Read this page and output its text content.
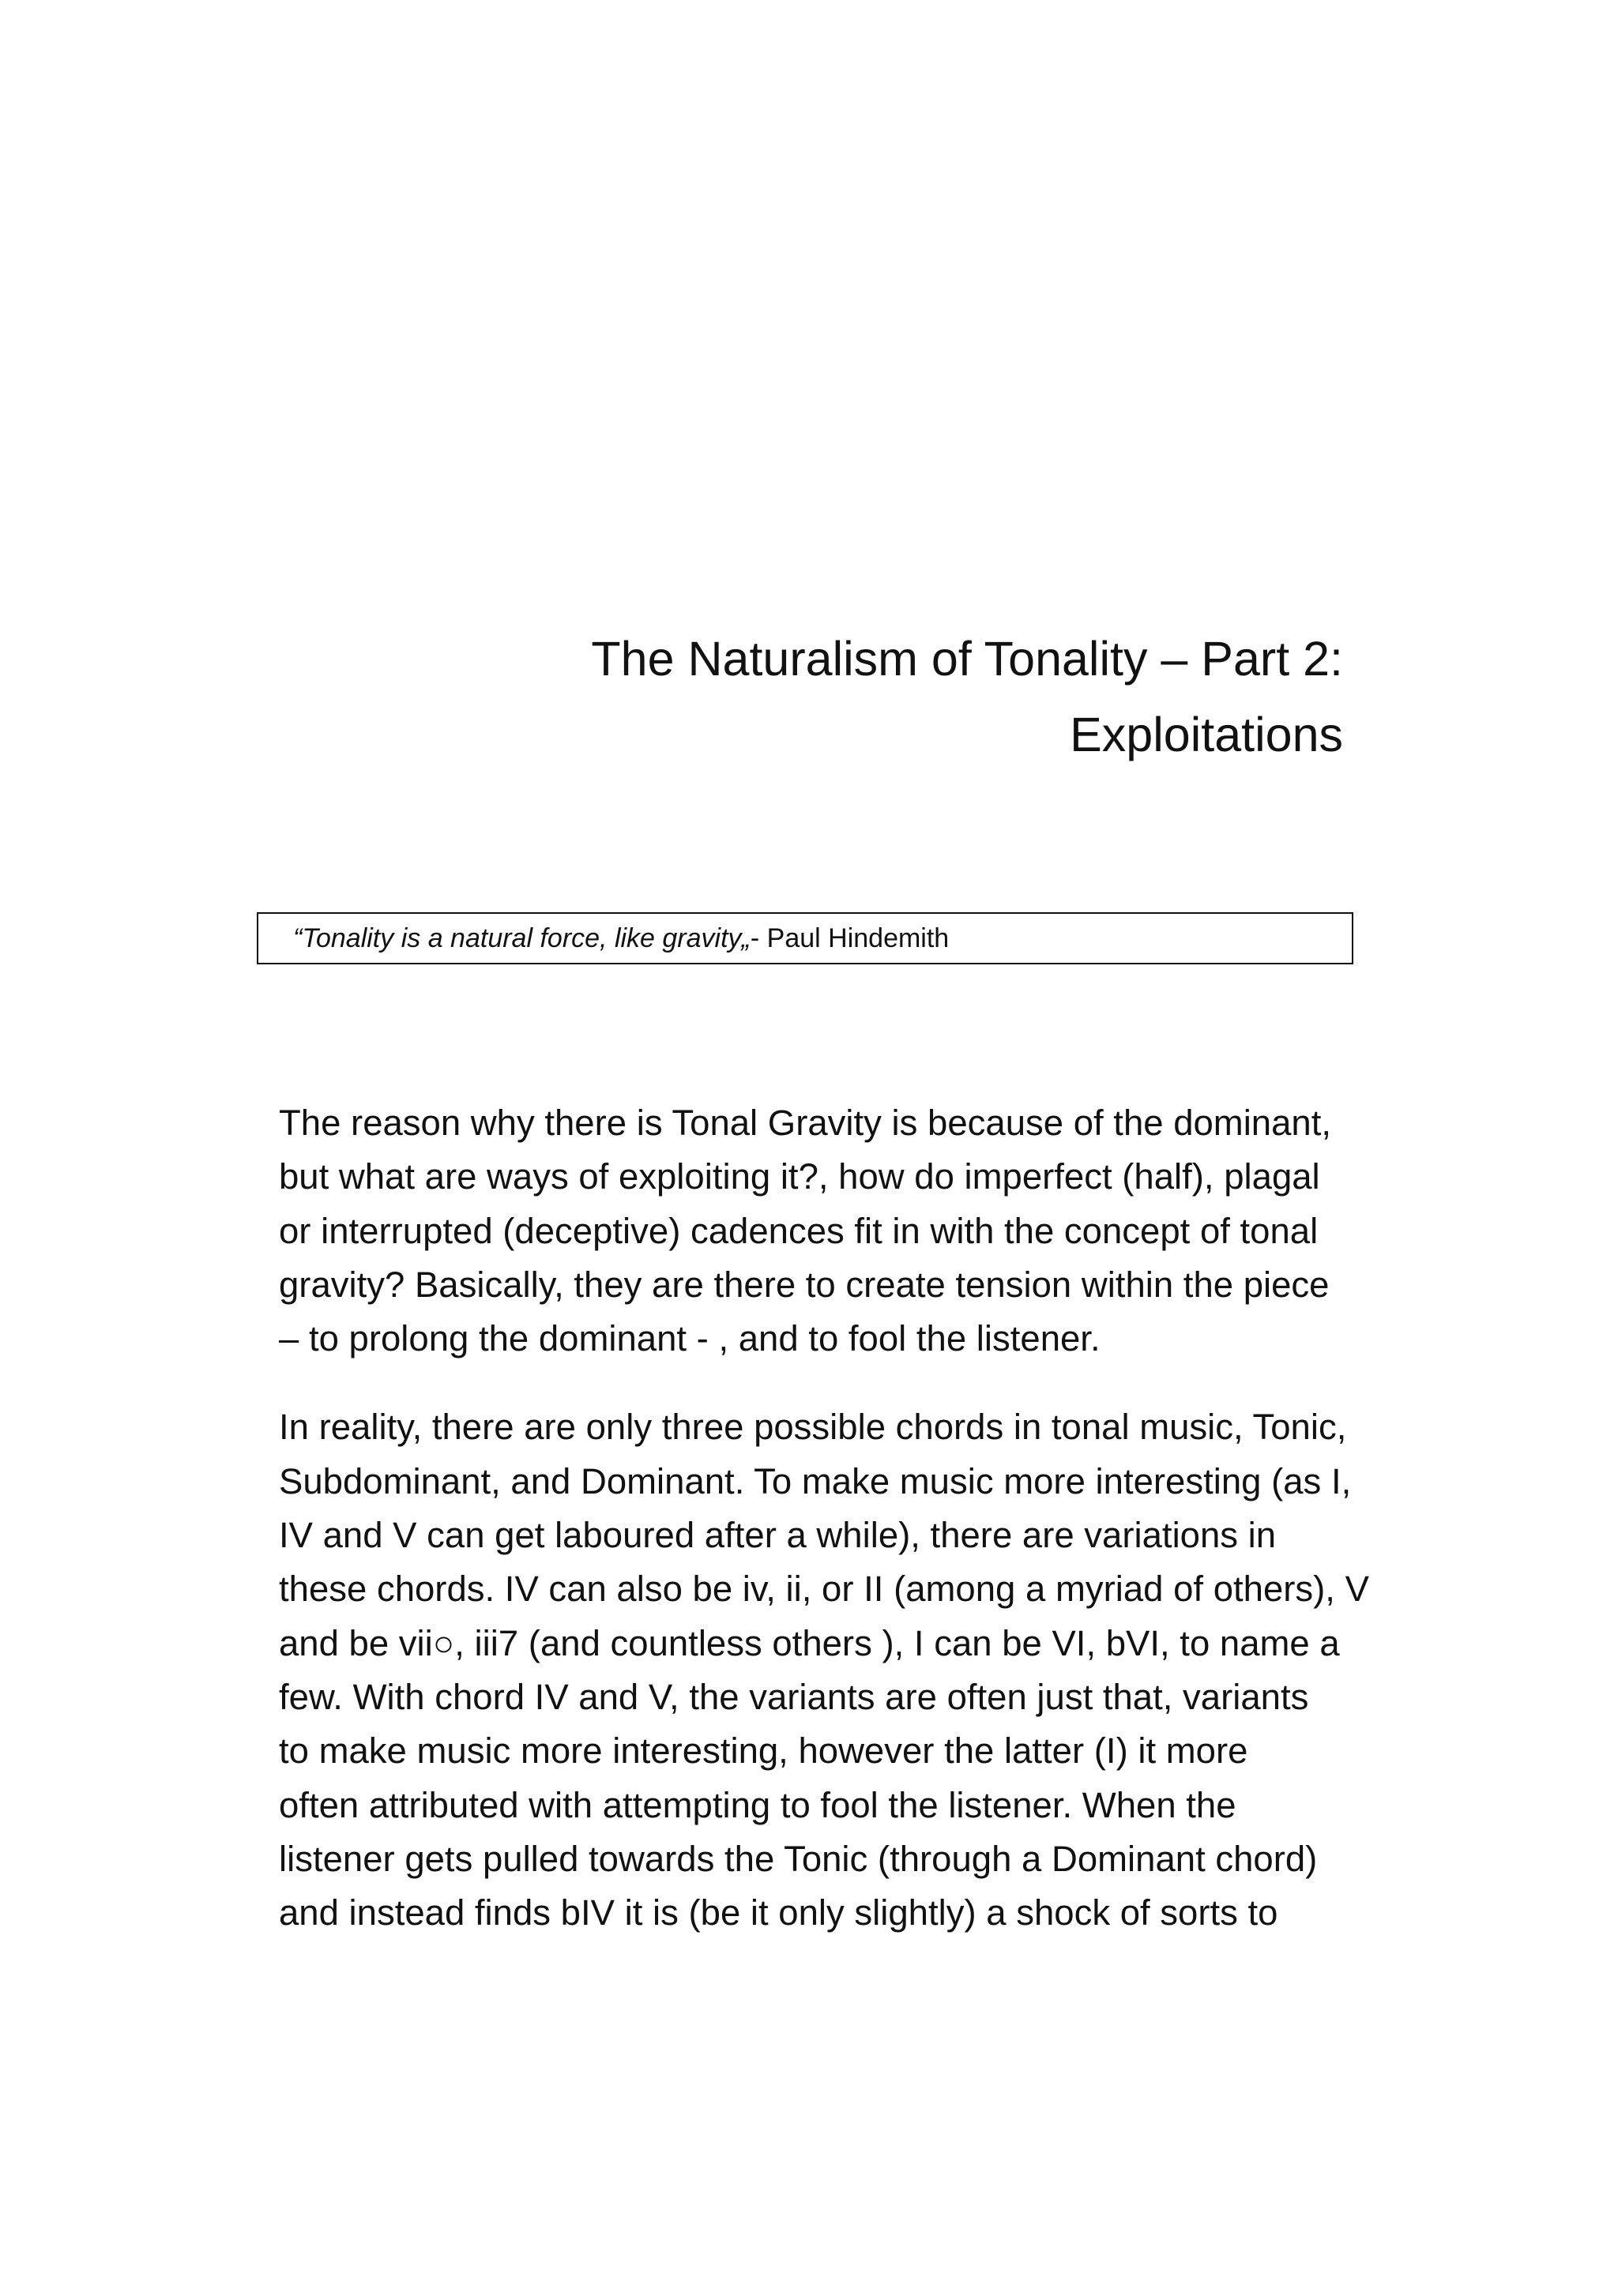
The Naturalism of Tonality – Part 2:
Exploitations
“Tonality is a natural force, like gravity„- Paul Hindemith

The reason why there is Tonal Gravity is because of the dominant,
but what are ways of exploiting it?, how do imperfect (half), plagal
or interrupted (deceptive) cadences fit in with the concept of tonal
gravity? Basically, they are there to create tension within the piece
– to prolong the dominant - , and to fool the listener.

In reality, there are only three possible chords in tonal music, Tonic,
Subdominant, and Dominant. To make music more interesting (as I,
IV and V can get laboured after a while), there are variations in
these chords. IV can also be iv, ii, or II (among a myriad of others), V
and be vii○, iii7 (and countless others ), I can be VI, bVI, to name a
few. With chord IV and V, the variants are often just that, variants
to make music more interesting, however the latter (I) it more
often attributed with attempting to fool the listener. When the
listener gets pulled towards the Tonic (through a Dominant chord)
and instead finds bIV it is (be it only slightly) a shock of sorts to
